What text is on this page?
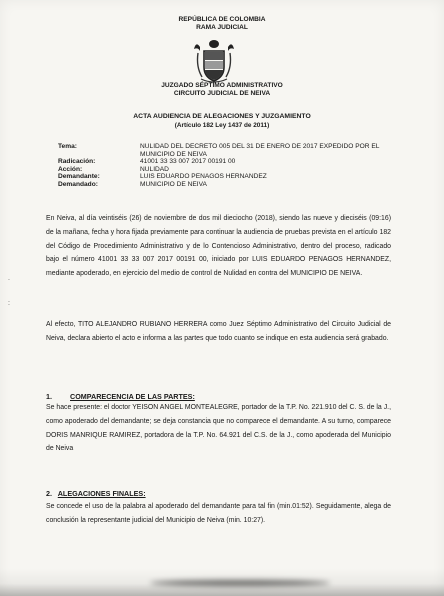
REPÚBLICA DE COLOMBIA
RAMA JUDICIAL
JUZGADO SÉPTIMO ADMINISTRATIVO
CIRCUITO JUDICIAL DE NEIVA
ACTA AUDIENCIA DE ALEGACIONES Y JUZGAMIENTO
(Artículo 182 Ley 1437 de 2011)
Tema:	NULIDAD DEL DECRETO 005 DEL 31 DE ENERO DE 2017 EXPEDIDO POR EL MUNICIPIO DE NEIVA
Radicación:	41001 33 33 007 2017 00191 00
Acción:	NULIDAD
Demandante:	LUIS EDUARDO PENAGOS HERNANDEZ
Demandado:	MUNICIPIO DE NEIVA
En Neiva, al día veintiséis (26) de noviembre de dos mil dieciocho (2018), siendo las nueve y dieciséis (09:16) de la mañana, fecha y hora fijada previamente para continuar la audiencia de pruebas prevista en el artículo 182 del Código de Procedimiento Administrativo y de lo Contencioso Administrativo, dentro del proceso, radicado bajo el número 41001 33 33 007 2017 00191 00, iniciado por LUIS EDUARDO PENAGOS HERNANDEZ, mediante apoderado, en ejercicio del medio de control de Nulidad en contra del MUNICIPIO DE NEIVA.
Al efecto, TITO ALEJANDRO RUBIANO HERRERA como Juez Séptimo Administrativo del Circuito Judicial de Neiva, declara abierto el acto e informa a las partes que todo cuanto se indique en esta audiencia será grabado.
1.	COMPARECENCIA DE LAS PARTES:
Se hace presente: el doctor YEISON ANGEL MONTEALEGRE, portador de la T.P. No. 221.910 del C. S. de la J., como apoderado del demandante; se deja constancia que no comparece el demandante. A su turno, comparece DORIS MANRIQUE RAMIREZ, portadora de la T.P. No. 64.921 del C.S. de la J., como apoderada del Municipio de Neiva
2. ALEGACIONES FINALES:
Se concede el uso de la palabra al apoderado del demandante para tal fin (min.01:52). Seguidamente, alega de conclusión la representante judicial del Municipio de Neiva (min. 10:27).
.
:
